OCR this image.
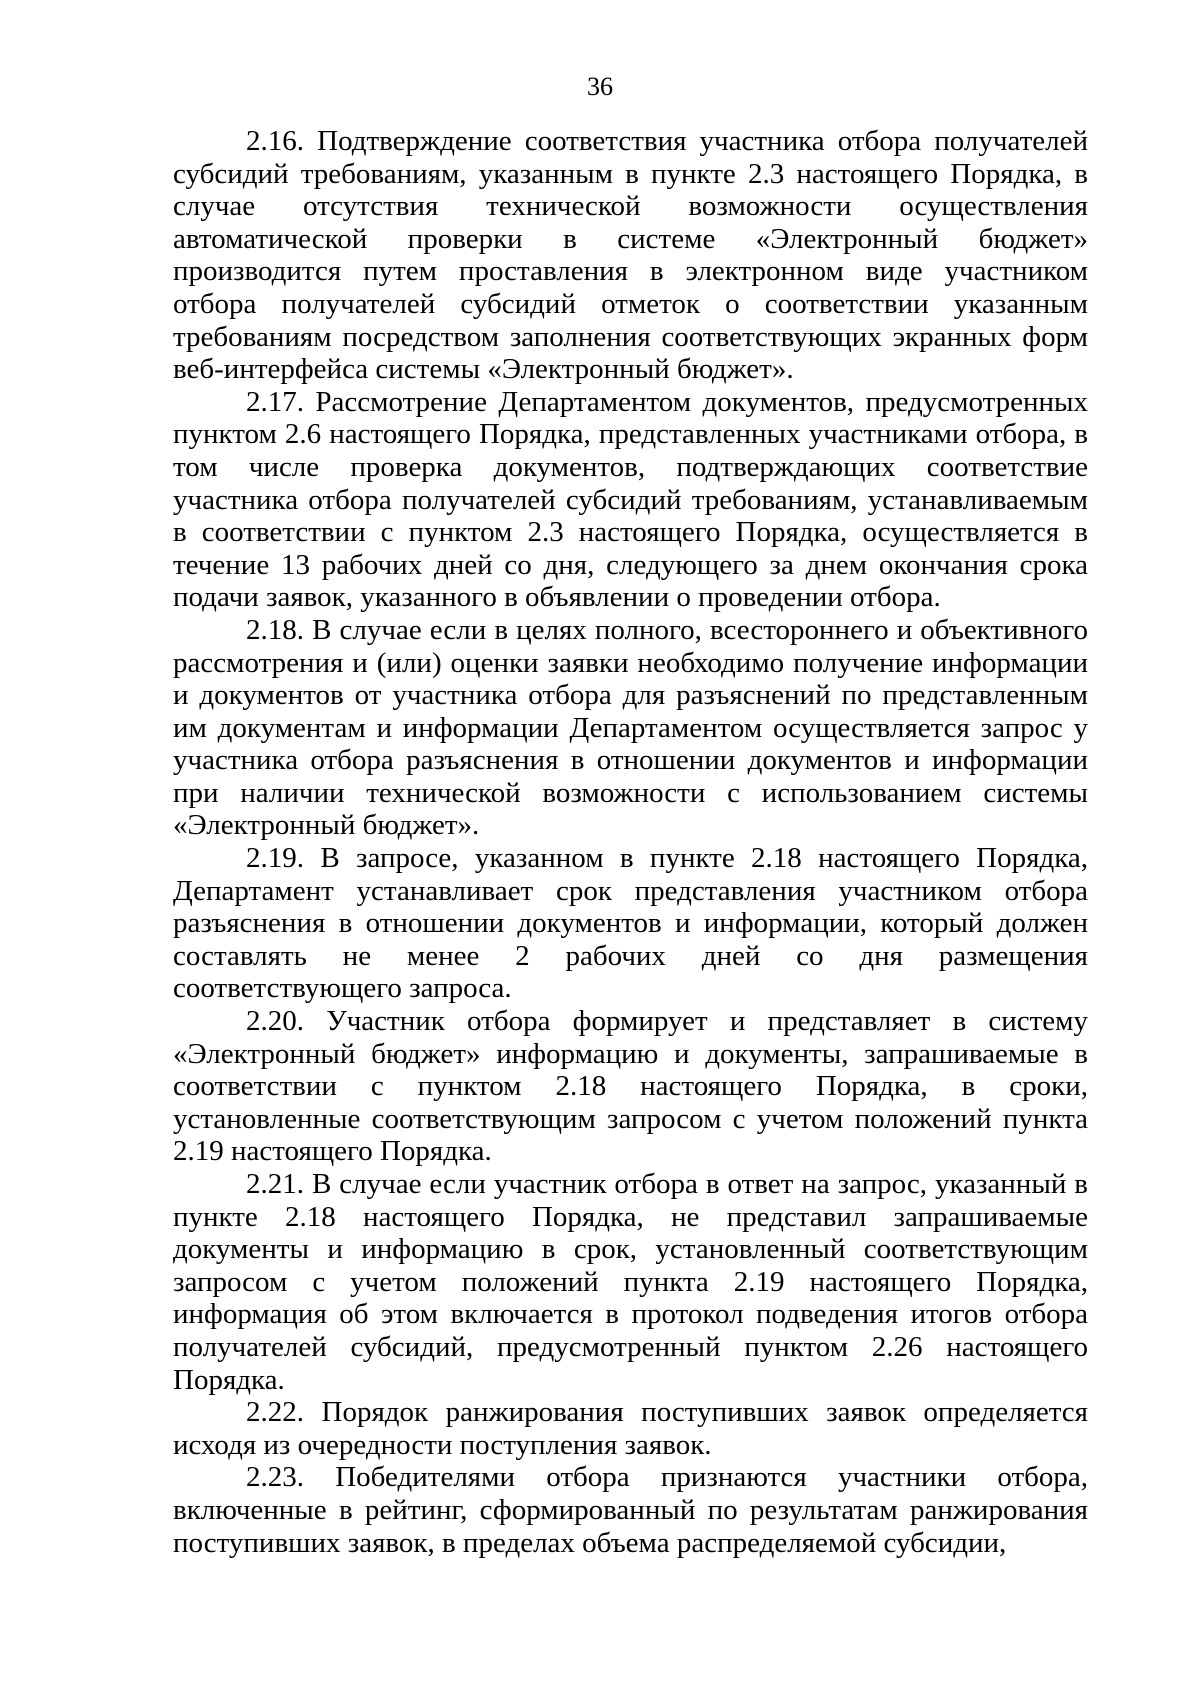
36

2.16. Подтверждение соответствия участника отбора получателей субсидий требованиям, указанным в пункте 2.3 настоящего Порядка, в случае отсутствия технической возможности осуществления автоматической проверки в системе «Электронный бюджет» производится путем проставления в электронном виде участником отбора получателей субсидий отметок о соответствии указанным требованиям посредством заполнения соответствующих экранных форм веб-интерфейса системы «Электронный бюджет».

2.17. Рассмотрение Департаментом документов, предусмотренных пунктом 2.6 настоящего Порядка, представленных участниками отбора, в том числе проверка документов, подтверждающих соответствие участника отбора получателей субсидий требованиям, устанавливаемым в соответствии с пунктом 2.3 настоящего Порядка, осуществляется в течение 13 рабочих дней со дня, следующего за днем окончания срока подачи заявок, указанного в объявлении о проведении отбора.

2.18. В случае если в целях полного, всестороннего и объективного рассмотрения и (или) оценки заявки необходимо получение информации и документов от участника отбора для разъяснений по представленным им документам и информации Департаментом осуществляется запрос у участника отбора разъяснения в отношении документов и информации при наличии технической возможности с использованием системы «Электронный бюджет».

2.19. В запросе, указанном в пункте 2.18 настоящего Порядка, Департамент устанавливает срок представления участником отбора разъяснения в отношении документов и информации, который должен составлять не менее 2 рабочих дней со дня размещения соответствующего запроса.

2.20. Участник отбора формирует и представляет в систему «Электронный бюджет» информацию и документы, запрашиваемые в соответствии с пунктом 2.18 настоящего Порядка, в сроки, установленные соответствующим запросом с учетом положений пункта 2.19 настоящего Порядка.

2.21. В случае если участник отбора в ответ на запрос, указанный в пункте 2.18 настоящего Порядка, не представил запрашиваемые документы и информацию в срок, установленный соответствующим запросом с учетом положений пункта 2.19 настоящего Порядка, информация об этом включается в протокол подведения итогов отбора получателей субсидий, предусмотренный пунктом 2.26 настоящего Порядка.

2.22. Порядок ранжирования поступивших заявок определяется исходя из очередности поступления заявок.

2.23. Победителями отбора признаются участники отбора, включенные в рейтинг, сформированный по результатам ранжирования поступивших заявок, в пределах объема распределяемой субсидии,
